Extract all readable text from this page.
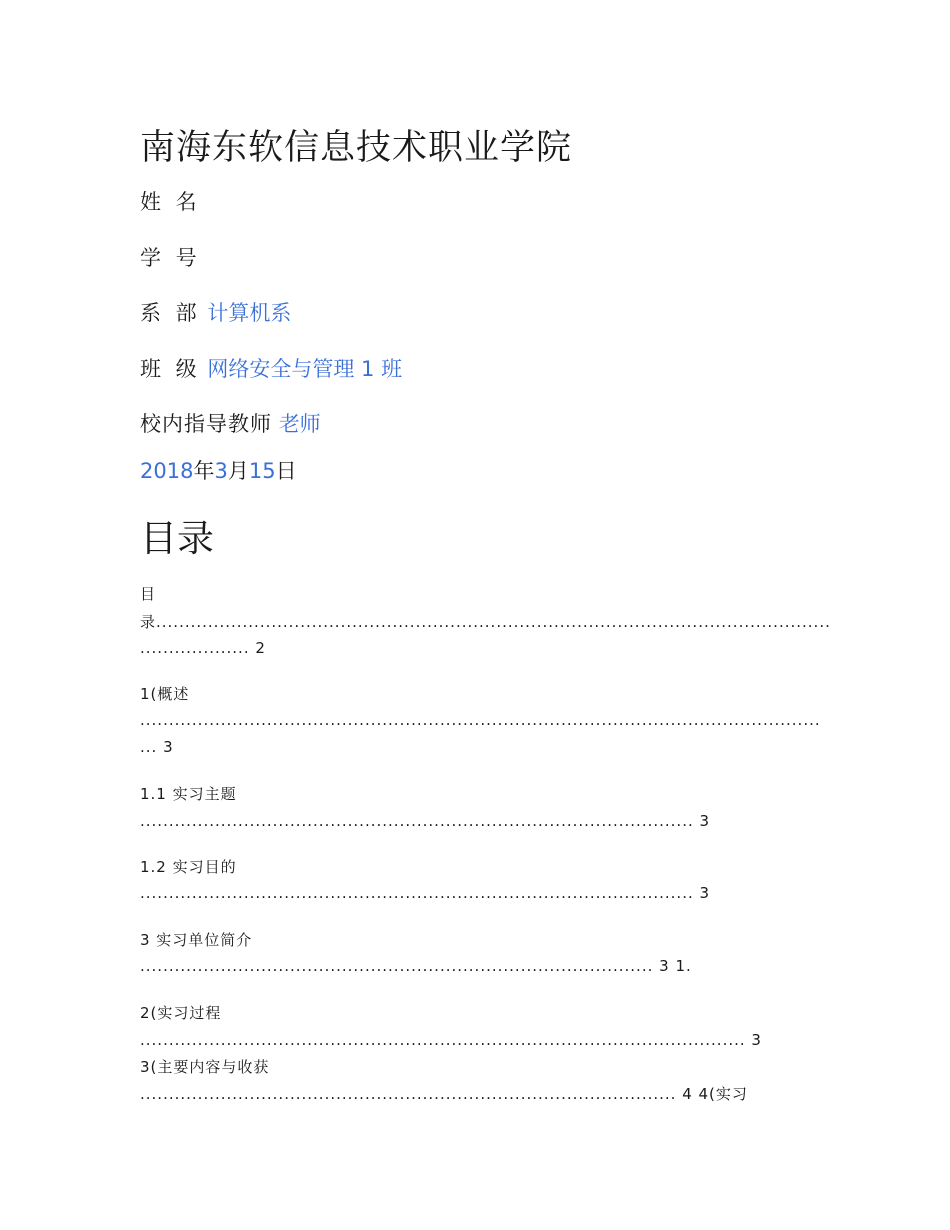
南海东软信息技术职业学院
姓 名
学 号
系 部 计算机系
班 级 网络安全与管理 1 班
校内指导教师 老师
2018年3月15日
目录
目
录.....................................................................................................................
................... 2
1(概述
......................................................................................................................
... 3
1.1 实习主题
................................................................................................ 3
1.2 实习目的
................................................................................................ 3
3 实习单位简介
......................................................................................... 3 1.
2(实习过程
......................................................................................................... 3
3(主要内容与收获
............................................................................................. 4 4(实习
